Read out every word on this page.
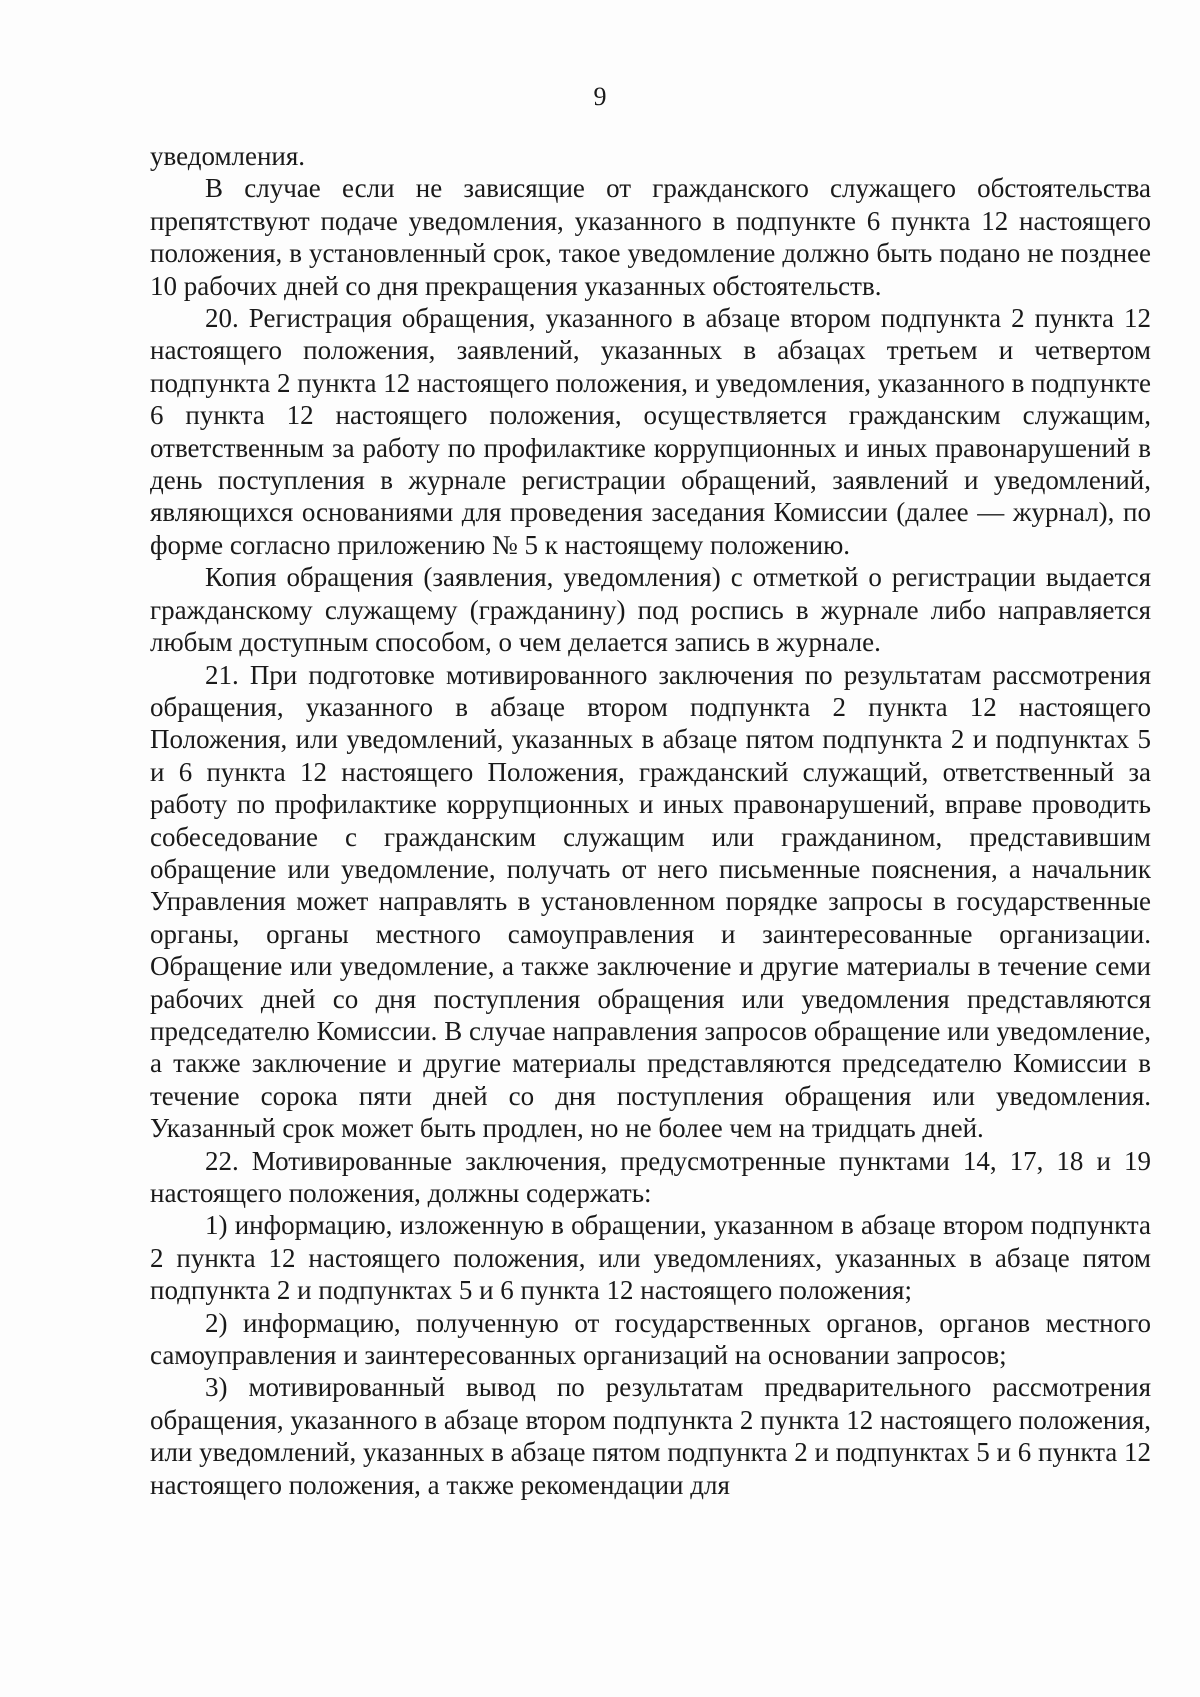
9

уведомления.

В случае если не зависящие от гражданского служащего обстоятельства препятствуют подаче уведомления, указанного в подпункте 6 пункта 12 настоящего положения, в установленный срок, такое уведомление должно быть подано не позднее 10 рабочих дней со дня прекращения указанных обстоятельств.

20. Регистрация обращения, указанного в абзаце втором подпункта 2 пункта 12 настоящего положения, заявлений, указанных в абзацах третьем и четвертом подпункта 2 пункта 12 настоящего положения, и уведомления, указанного в подпункте 6 пункта 12 настоящего положения, осуществляется гражданским служащим, ответственным за работу по профилактике коррупционных и иных правонарушений в день поступления в журнале регистрации обращений, заявлений и уведомлений, являющихся основаниями для проведения заседания Комиссии (далее — журнал), по форме согласно приложению № 5 к настоящему положению.

Копия обращения (заявления, уведомления) с отметкой о регистрации выдается гражданскому служащему (гражданину) под роспись в журнале либо направляется любым доступным способом, о чем делается запись в журнале.

21. При подготовке мотивированного заключения по результатам рассмотрения обращения, указанного в абзаце втором подпункта 2 пункта 12 настоящего Положения, или уведомлений, указанных в абзаце пятом подпункта 2 и подпунктах 5 и 6 пункта 12 настоящего Положения, гражданский служащий, ответственный за работу по профилактике коррупционных и иных правонарушений, вправе проводить собеседование с гражданским служащим или гражданином, представившим обращение или уведомление, получать от него письменные пояснения, а начальник Управления может направлять в установленном порядке запросы в государственные органы, органы местного самоуправления и заинтересованные организации. Обращение или уведомление, а также заключение и другие материалы в течение семи рабочих дней со дня поступления обращения или уведомления представляются председателю Комиссии. В случае направления запросов обращение или уведомление, а также заключение и другие материалы представляются председателю Комиссии в течение сорока пяти дней со дня поступления обращения или уведомления. Указанный срок может быть продлен, но не более чем на тридцать дней.

22. Мотивированные заключения, предусмотренные пунктами 14, 17, 18 и 19 настоящего положения, должны содержать:

1) информацию, изложенную в обращении, указанном в абзаце втором подпункта 2 пункта 12 настоящего положения, или уведомлениях, указанных в абзаце пятом подпункта 2 и подпунктах 5 и 6 пункта 12 настоящего положения;

2) информацию, полученную от государственных органов, органов местного самоуправления и заинтересованных организаций на основании запросов;

3) мотивированный вывод по результатам предварительного рассмотрения обращения, указанного в абзаце втором подпункта 2 пункта 12 настоящего положения, или уведомлений, указанных в абзаце пятом подпункта 2 и подпунктах 5 и 6 пункта 12 настоящего положения, а также рекомендации для
